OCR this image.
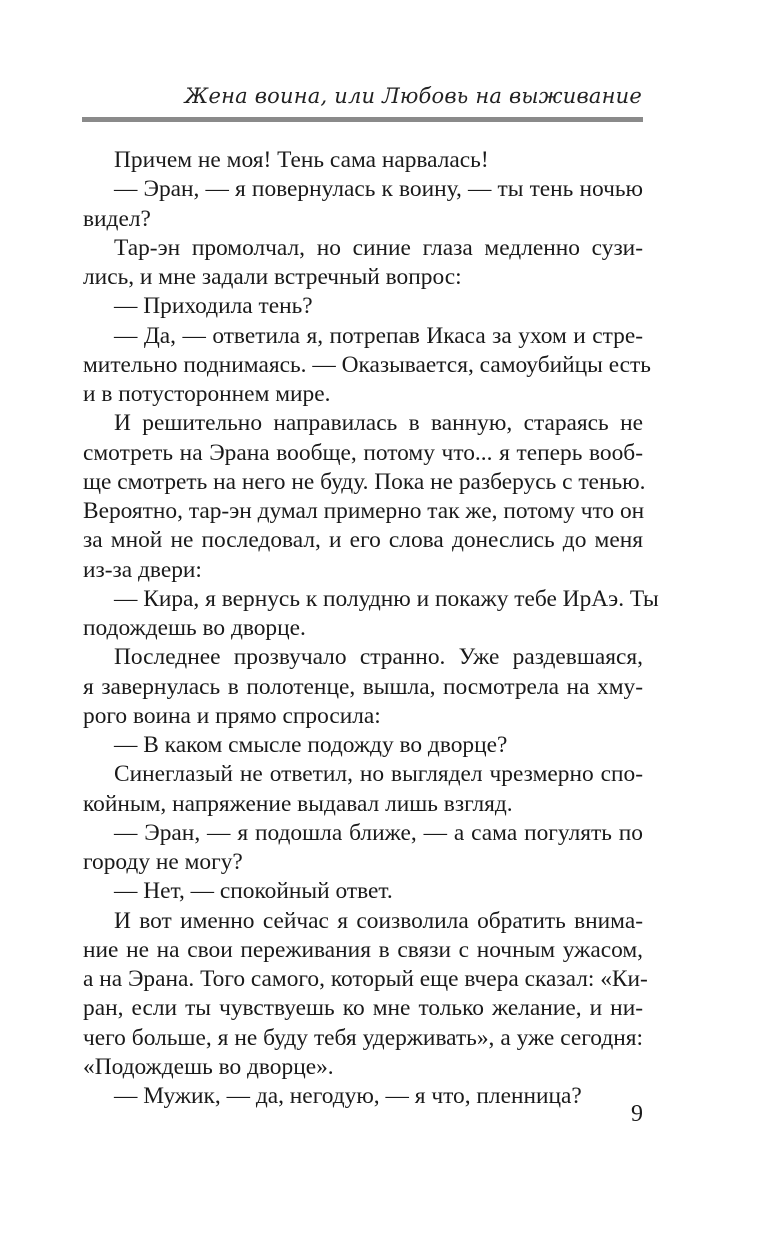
Жена воина, или Любовь на выживание
Причем не моя! Тень сама нарвалась!
— Эран, — я повернулась к воину, — ты тень ночью
видел?
Тар-эн промолчал, но синие глаза медленно сузи-
лись, и мне задали встречный вопрос:
— Приходила тень?
— Да, — ответила я, потрепав Икаса за ухом и стре-
мительно поднимаясь. — Оказывается, самоубийцы есть
и в потустороннем мире.
И решительно направилась в ванную, стараясь не
смотреть на Эрана вообще, потому что... я теперь вооб-
ще смотреть на него не буду. Пока не разберусь с тенью.
Вероятно, тар-эн думал примерно так же, потому что он
за мной не последовал, и его слова донеслись до меня
из-за двери:
— Кира, я вернусь к полудню и покажу тебе ИрАэ. Ты
подождешь во дворце.
Последнее прозвучало странно. Уже раздевшаяся,
я завернулась в полотенце, вышла, посмотрела на хму-
рого воина и прямо спросила:
— В каком смысле подожду во дворце?
Синеглазый не ответил, но выглядел чрезмерно спо-
койным, напряжение выдавал лишь взгляд.
— Эран, — я подошла ближе, — а сама погулять по
городу не могу?
— Нет, — спокойный ответ.
И вот именно сейчас я соизволила обратить внима-
ние не на свои переживания в связи с ночным ужасом,
а на Эрана. Того самого, который еще вчера сказал: «Ки-
ран, если ты чувствуешь ко мне только желание, и ни-
чего больше, я не буду тебя удерживать», а уже сегодня:
«Подождешь во дворце».
— Мужик, — да, негодую, — я что, пленница?
9
